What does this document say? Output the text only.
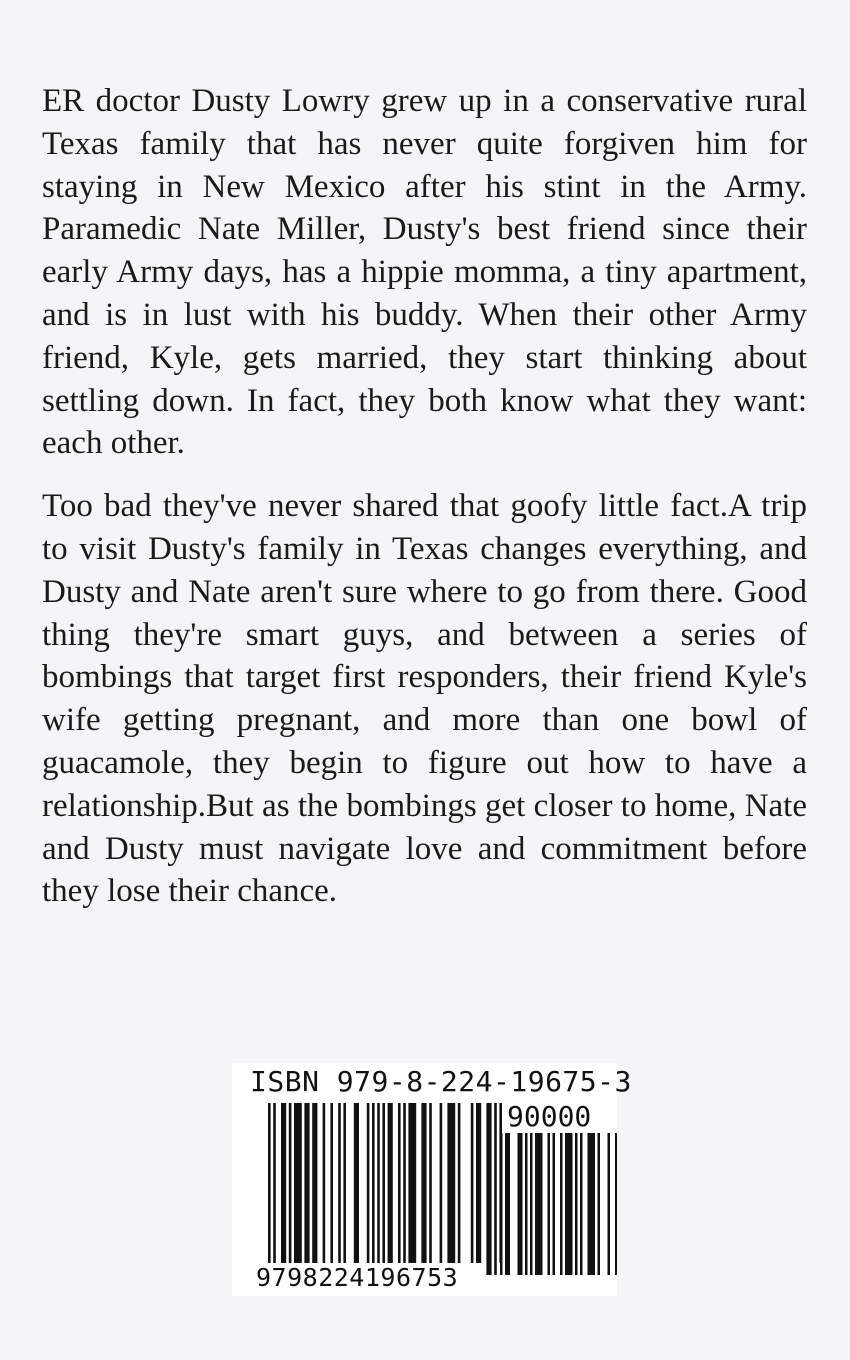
ER doctor Dusty Lowry grew up in a conservative rural Texas family that has never quite forgiven him for staying in New Mexico after his stint in the Army. Paramedic Nate Miller, Dusty's best friend since their early Army days, has a hippie momma, a tiny apartment, and is in lust with his buddy. When their other Army friend, Kyle, gets married, they start thinking about settling down. In fact, they both know what they want: each other.

Too bad they've never shared that goofy little fact.A trip to visit Dusty's family in Texas changes everything, and Dusty and Nate aren't sure where to go from there. Good thing they're smart guys, and between a series of bombings that target first responders, their friend Kyle's wife getting pregnant, and more than one bowl of guacamole, they begin to figure out how to have a relationship.But as the bombings get closer to home, Nate and Dusty must navigate love and commitment before they lose their chance.

ISBN 979-8-224-19675-3
90000
9798224196753
